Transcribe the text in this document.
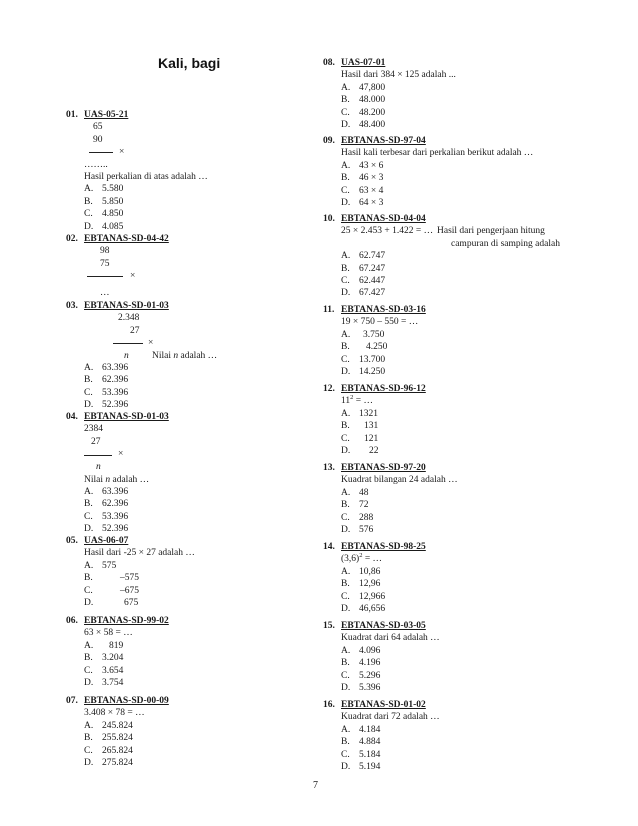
Kali, bagi
01. UAS-05-21
65
90
×
……..
Hasil perkalian di atas adalah …
A. 5.580
B. 5.850
C. 4.850
D. 4.085
02. EBTANAS-SD-04-42
98
75
×
…
03. EBTANAS-SD-01-03
2.348
27
×
n Nilai n adalah …
A. 63.396
B. 62.396
C. 53.396
D. 52.396
04. EBTANAS-SD-01-03
2384
27
×
n
Nilai n adalah …
A. 63.396
B. 62.396
C. 53.396
D. 52.396
05. UAS-06-07
Hasil dari -25 × 27 adalah …
A. 575
B.	–575
C.	–675
D.	675
06. EBTANAS-SD-99-02
63 × 58 = …
A. 819
B. 3.204
C. 3.654
D. 3.754
07. EBTANAS-SD-00-09
3.408 × 78 = …
A. 245.824
B. 255.824
C. 265.824
D. 275.824
08. UAS-07-01
Hasil dari 384 × 125 adalah ...
A. 47,800
B. 48.000
C. 48.200
D. 48.400
09. EBTANAS-SD-97-04
Hasil kali terbesar dari perkalian berikut adalah …
A. 43 × 6
B. 46 × 3
C. 63 × 4
D. 64 × 3
10. EBTANAS-SD-04-04
25 × 2.453 + 1.422 = … Hasil dari pengerjaan hitung
campuran di samping adalah
A. 62.747
B. 67.247
C. 62.447
D. 67.427
11. EBTANAS-SD-03-16
19 × 750 – 550 = …
A. 3.750
B. 4.250
C. 13.700
D. 14.250
12. EBTANAS-SD-96-12
$11^2$ = …
A. 1321
B. 131
C. 121
D. 22
13. EBTANAS-SD-97-20
Kuadrat bilangan 24 adalah …
A. 48
B. 72
C. 288
D. 576
14. EBTANAS-SD-98-25
$(3,6)^2$ = …
A. 10,86
B. 12,96
C. 12,966
D. 46,656
15. EBTANAS-SD-03-05
Kuadrat dari 64 adalah …
A. 4.096
B. 4.196
C. 5.296
D. 5.396
16. EBTANAS-SD-01-02
Kuadrat dari 72 adalah …
A. 4.184
B. 4.884
C. 5.184
D. 5.194
7
